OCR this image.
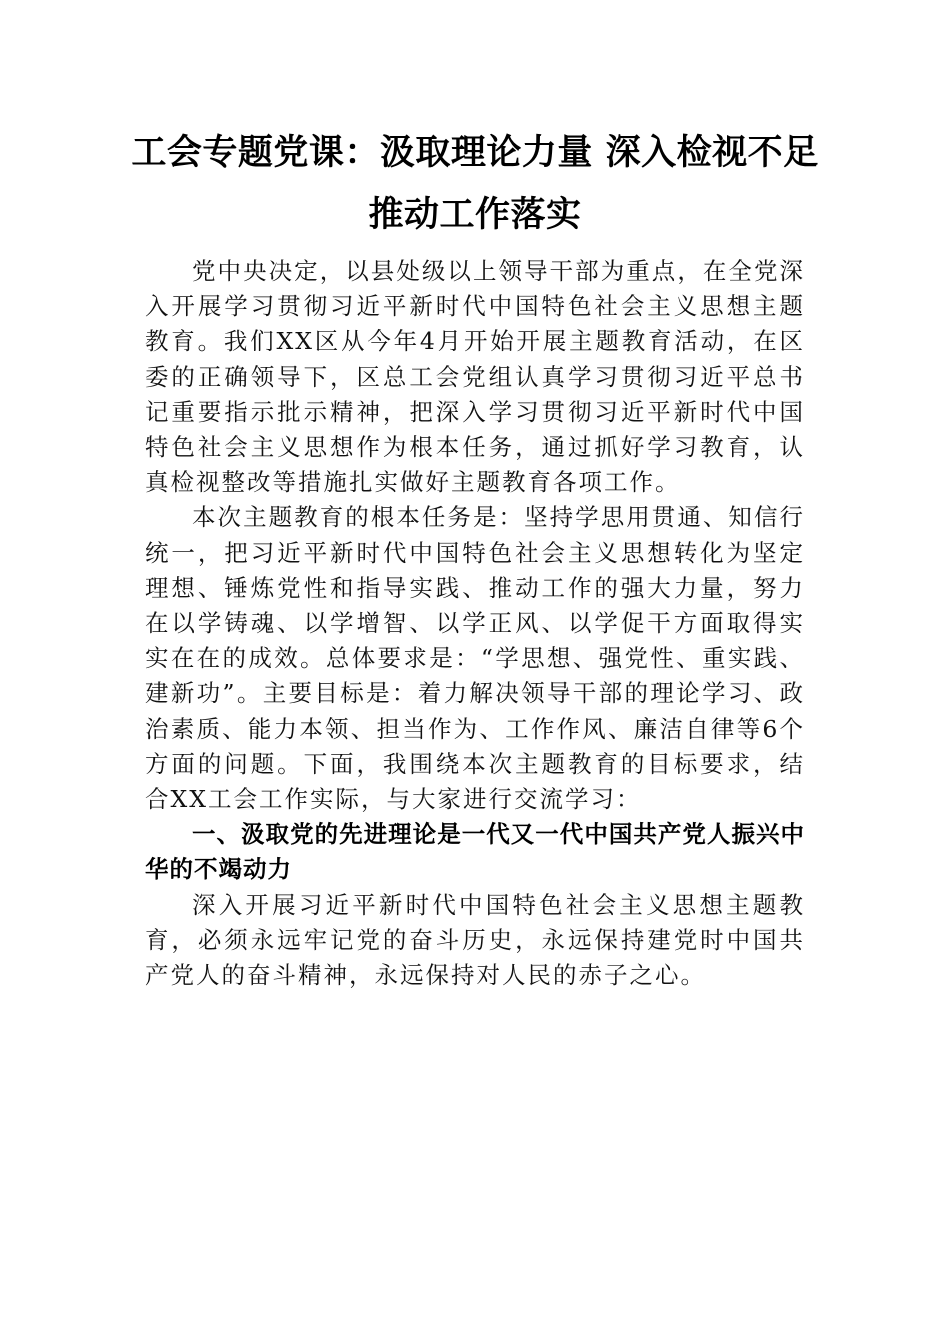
工会专题党课：汲取理论力量 深入检视不足 推动工作落实

党中央决定，以县处级以上领导干部为重点，在全党深入开展学习贯彻习近平新时代中国特色社会主义思想主题教育。我们XX区从今年4月开始开展主题教育活动，在区委的正确领导下，区总工会党组认真学习贯彻习近平总书记重要指示批示精神，把深入学习贯彻习近平新时代中国特色社会主义思想作为根本任务，通过抓好学习教育，认真检视整改等措施扎实做好主题教育各项工作。

本次主题教育的根本任务是：坚持学思用贯通、知信行统一，把习近平新时代中国特色社会主义思想转化为坚定理想、锤炼党性和指导实践、推动工作的强大力量，努力在以学铸魂、以学增智、以学正风、以学促干方面取得实实在在的成效。总体要求是：“学思想、强党性、重实践、建新功”。主要目标是：着力解决领导干部的理论学习、政治素质、能力本领、担当作为、工作作风、廉洁自律等6个方面的问题。下面，我围绕本次主题教育的目标要求，结合XX工会工作实际，与大家进行交流学习：

一、汲取党的先进理论是一代又一代中国共产党人振兴中华的不竭动力

深入开展习近平新时代中国特色社会主义思想主题教育，必须永远牢记党的奋斗历史，永远保持建党时中国共产党人的奋斗精神，永远保持对人民的赤子之心。
